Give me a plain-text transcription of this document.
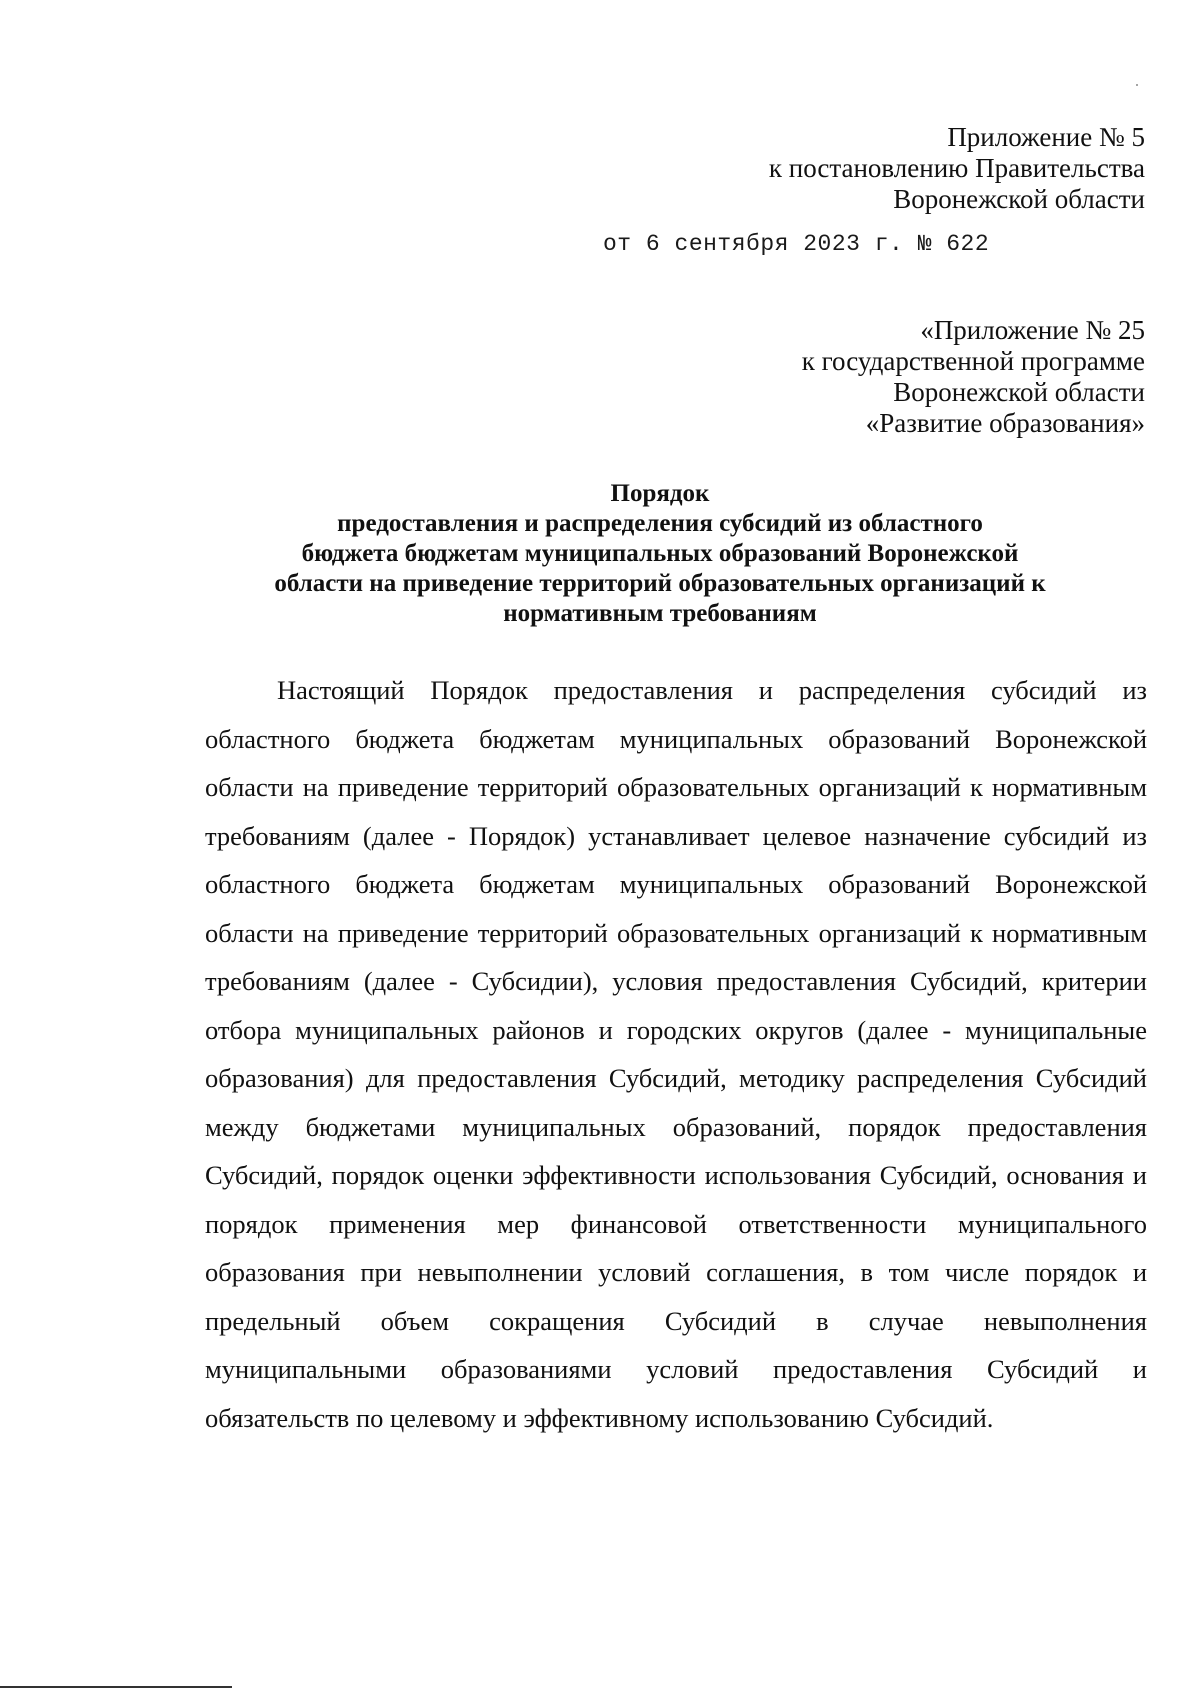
Приложение № 5
к постановлению Правительства
Воронежской области
от 6 сентября 2023 г. № 622
«Приложение № 25
к государственной программе
Воронежской области
«Развитие образования»
Порядок
предоставления и распределения субсидий из областного
бюджета бюджетам муниципальных образований Воронежской
области на приведение территорий образовательных организаций к
нормативным требованиям

Настоящий Порядок предоставления и распределения субсидий из областного бюджета бюджетам муниципальных образований Воронежской области на приведение территорий образовательных организаций к нормативным требованиям (далее - Порядок) устанавливает целевое назначение субсидий из областного бюджета бюджетам муниципальных образований Воронежской области на приведение территорий образовательных организаций к нормативным требованиям (далее - Субсидии), условия предоставления Субсидий, критерии отбора муниципальных районов и городских округов (далее - муниципальные образования) для предоставления Субсидий, методику распределения Субсидий между бюджетами муниципальных образований, порядок предоставления Субсидий, порядок оценки эффективности использования Субсидий, основания и порядок применения мер финансовой ответственности муниципального образования при невыполнении условий соглашения, в том числе порядок и предельный объем сокращения Субсидий в случае невыполнения муниципальными образованиями условий предоставления Субсидий и обязательств по целевому и эффективному использованию Субсидий.
